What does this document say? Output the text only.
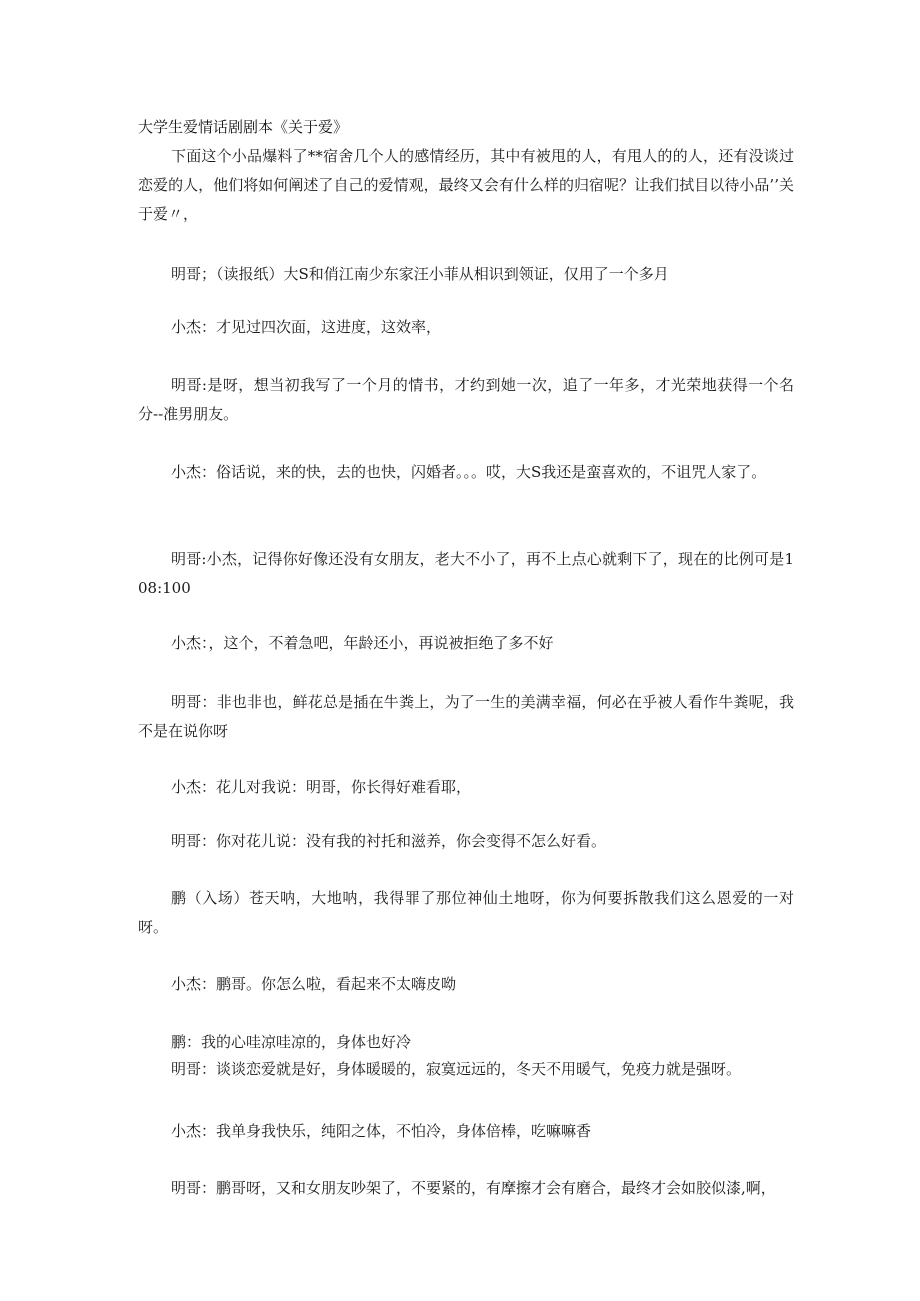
大学生爱情话剧剧本《关于爱》

下面这个小品爆料了**宿舍几个人的感情经历，其中有被甩的人，有甩人的的人，还有没谈过恋爱的人，他们将如何阐述了自己的爱情观，最终又会有什么样的归宿呢？让我们拭目以待小品’’关于爱〃，

明哥；（读报纸）大S和俏江南少东家汪小菲从相识到领证，仅用了一个多月

小杰：才见过四次面，这进度，这效率，

明哥:是呀，想当初我写了一个月的情书，才约到她一次，追了一年多，才光荣地获得一个名分--准男朋友。

小杰：俗话说，来的快，去的也快，闪婚者。。。哎，大S我还是蛮喜欢的，不诅咒人家了。

明哥:小杰，记得你好像还没有女朋友，老大不小了，再不上点心就剩下了，现在的比例可是108:100

小杰：，这个，不着急吧，年龄还小，再说被拒绝了多不好

明哥：非也非也，鲜花总是插在牛粪上，为了一生的美满幸福，何必在乎被人看作牛粪呢，我不是在说你呀

小杰：花儿对我说：明哥，你长得好难看耶，

明哥：你对花儿说：没有我的衬托和滋养，你会变得不怎么好看。

鹏（入场）苍天呐，大地呐，我得罪了那位神仙土地呀，你为何要拆散我们这么恩爱的一对呀。

小杰：鹏哥。你怎么啦，看起来不太嗨皮呦

鹏：我的心哇凉哇凉的，身体也好冷

明哥：谈谈恋爱就是好，身体暖暖的，寂寞远远的，冬天不用暖气，免疫力就是强呀。

小杰：我单身我快乐，纯阳之体，不怕冷，身体倍棒，吃嘛嘛香

明哥：鹏哥呀，又和女朋友吵架了，不要紧的，有摩擦才会有磨合，最终才会如胶似漆,啊，
